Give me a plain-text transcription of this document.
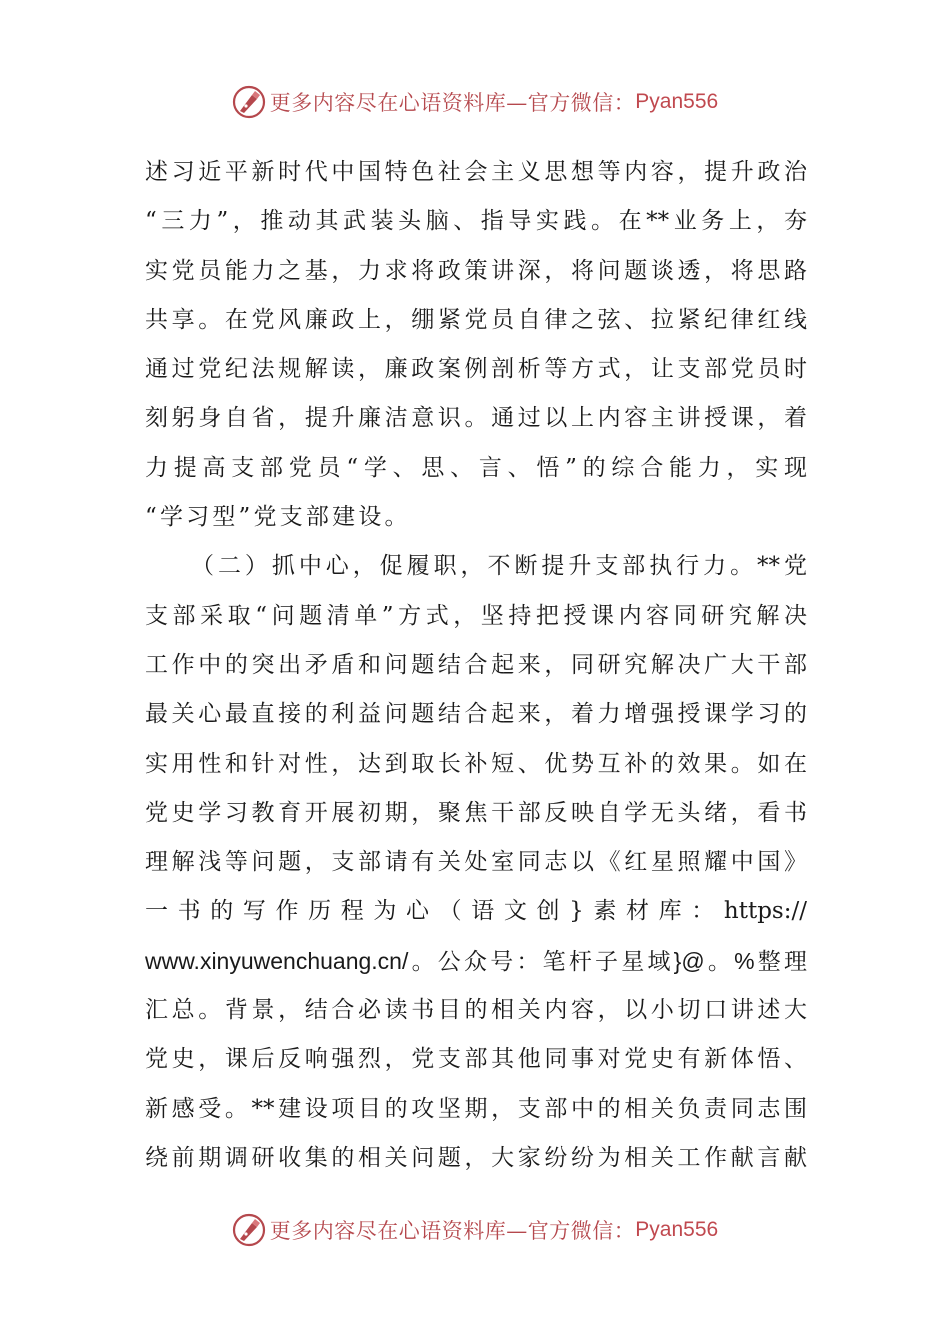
更多内容尽在心语资料库—官方微信： Pyan556
述习近平新时代中国特色社会主义思想等内容，提升政治
“三力”，推动其武装头脑、指导实践。在**业务上，夯
实党员能力之基，力求将政策讲深，将问题谈透，将思路
共享。在党风廉政上，绷紧党员自律之弦、拉紧纪律红线
通过党纪法规解读，廉政案例剖析等方式，让支部党员时
刻躬身自省，提升廉洁意识。通过以上内容主讲授课，着
力提高支部党员“学、思、言、悟”的综合能力，实现
“学习型”党支部建设。
（二）抓中心，促履职，不断提升支部执行力。**党
支部采取“问题清单”方式，坚持把授课内容同研究解决
工作中的突出矛盾和问题结合起来，同研究解决广大干部
最关心最直接的利益问题结合起来，着力增强授课学习的
实用性和针对性，达到取长补短、优势互补的效果。如在
党史学习教育开展初期，聚焦干部反映自学无头绪，看书
理解浅等问题，支部请有关处室同志以《红星照耀中国》
一书的写作历程为心（语文创}素材库：https://
www.xinyuwenchuang.cn/。公众号：笔杆子星域}@。%整理
汇总。背景，结合必读书目的相关内容，以小切口讲述大
党史，课后反响强烈，党支部其他同事对党史有新体悟、
新感受。**建设项目的攻坚期，支部中的相关负责同志围
绕前期调研收集的相关问题，大家纷纷为相关工作献言献
更多内容尽在心语资料库—官方微信： Pyan556
